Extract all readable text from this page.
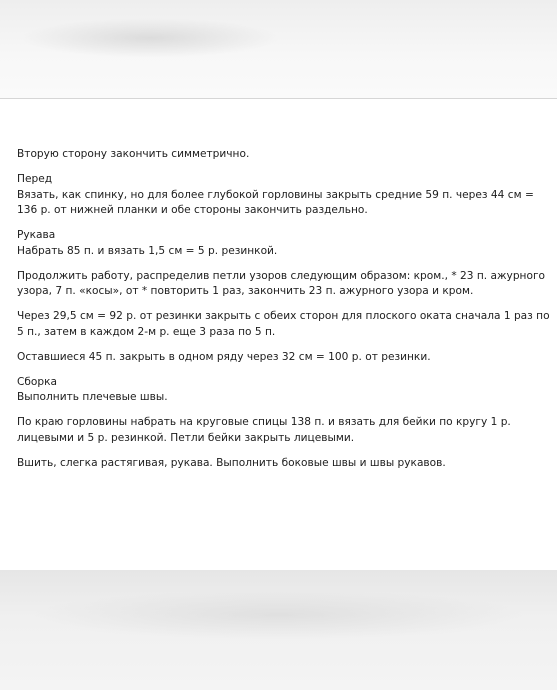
Вторую сторону закончить симметрично.

Перед
Вязать, как спинку, но для более глубокой горловины закрыть средние 59 п. через 44 см =
136 р. от нижней планки и обе стороны закончить раздельно.

Рукава
Набрать 85 п. и вязать 1,5 см = 5 р. резинкой.

Продолжить работу, распределив петли узоров следующим образом: кром., * 23 п. ажурного
узора, 7 п. «косы», от * повторить 1 раз, закончить 23 п. ажурного узора и кром.

Через 29,5 см = 92 р. от резинки закрыть с обеих сторон для плоского оката сначала 1 раз по
5 п., затем в каждом 2-м р. еще 3 раза по 5 п.

Оставшиеся 45 п. закрыть в одном ряду через 32 см = 100 р. от резинки.

Сборка
Выполнить плечевые швы.

По краю горловины набрать на круговые спицы 138 п. и вязать для бейки по кругу 1 р.
лицевыми и 5 р. резинкой. Петли бейки закрыть лицевыми.

Вшить, слегка растягивая, рукава. Выполнить боковые швы и швы рукавов.
